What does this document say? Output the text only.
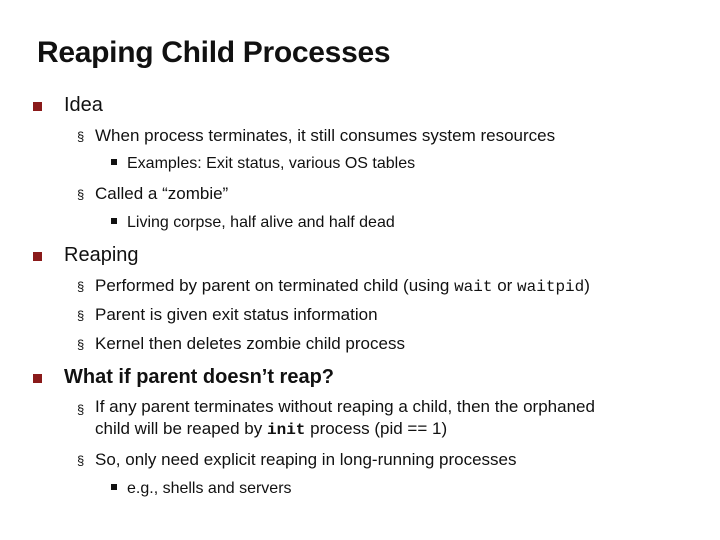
Reaping Child Processes
Idea
§ When process terminates, it still consumes system resources
Examples: Exit status, various OS tables
§ Called a “zombie”
Living corpse, half alive and half dead
Reaping
§ Performed by parent on terminated child (using wait or waitpid)
§ Parent is given exit status information
§ Kernel then deletes zombie child process
What if parent doesn’t reap?
§ If any parent terminates without reaping a child, then the orphaned
child will be reaped by init process (pid == 1)
§ So, only need explicit reaping in long-running processes
e.g., shells and servers
